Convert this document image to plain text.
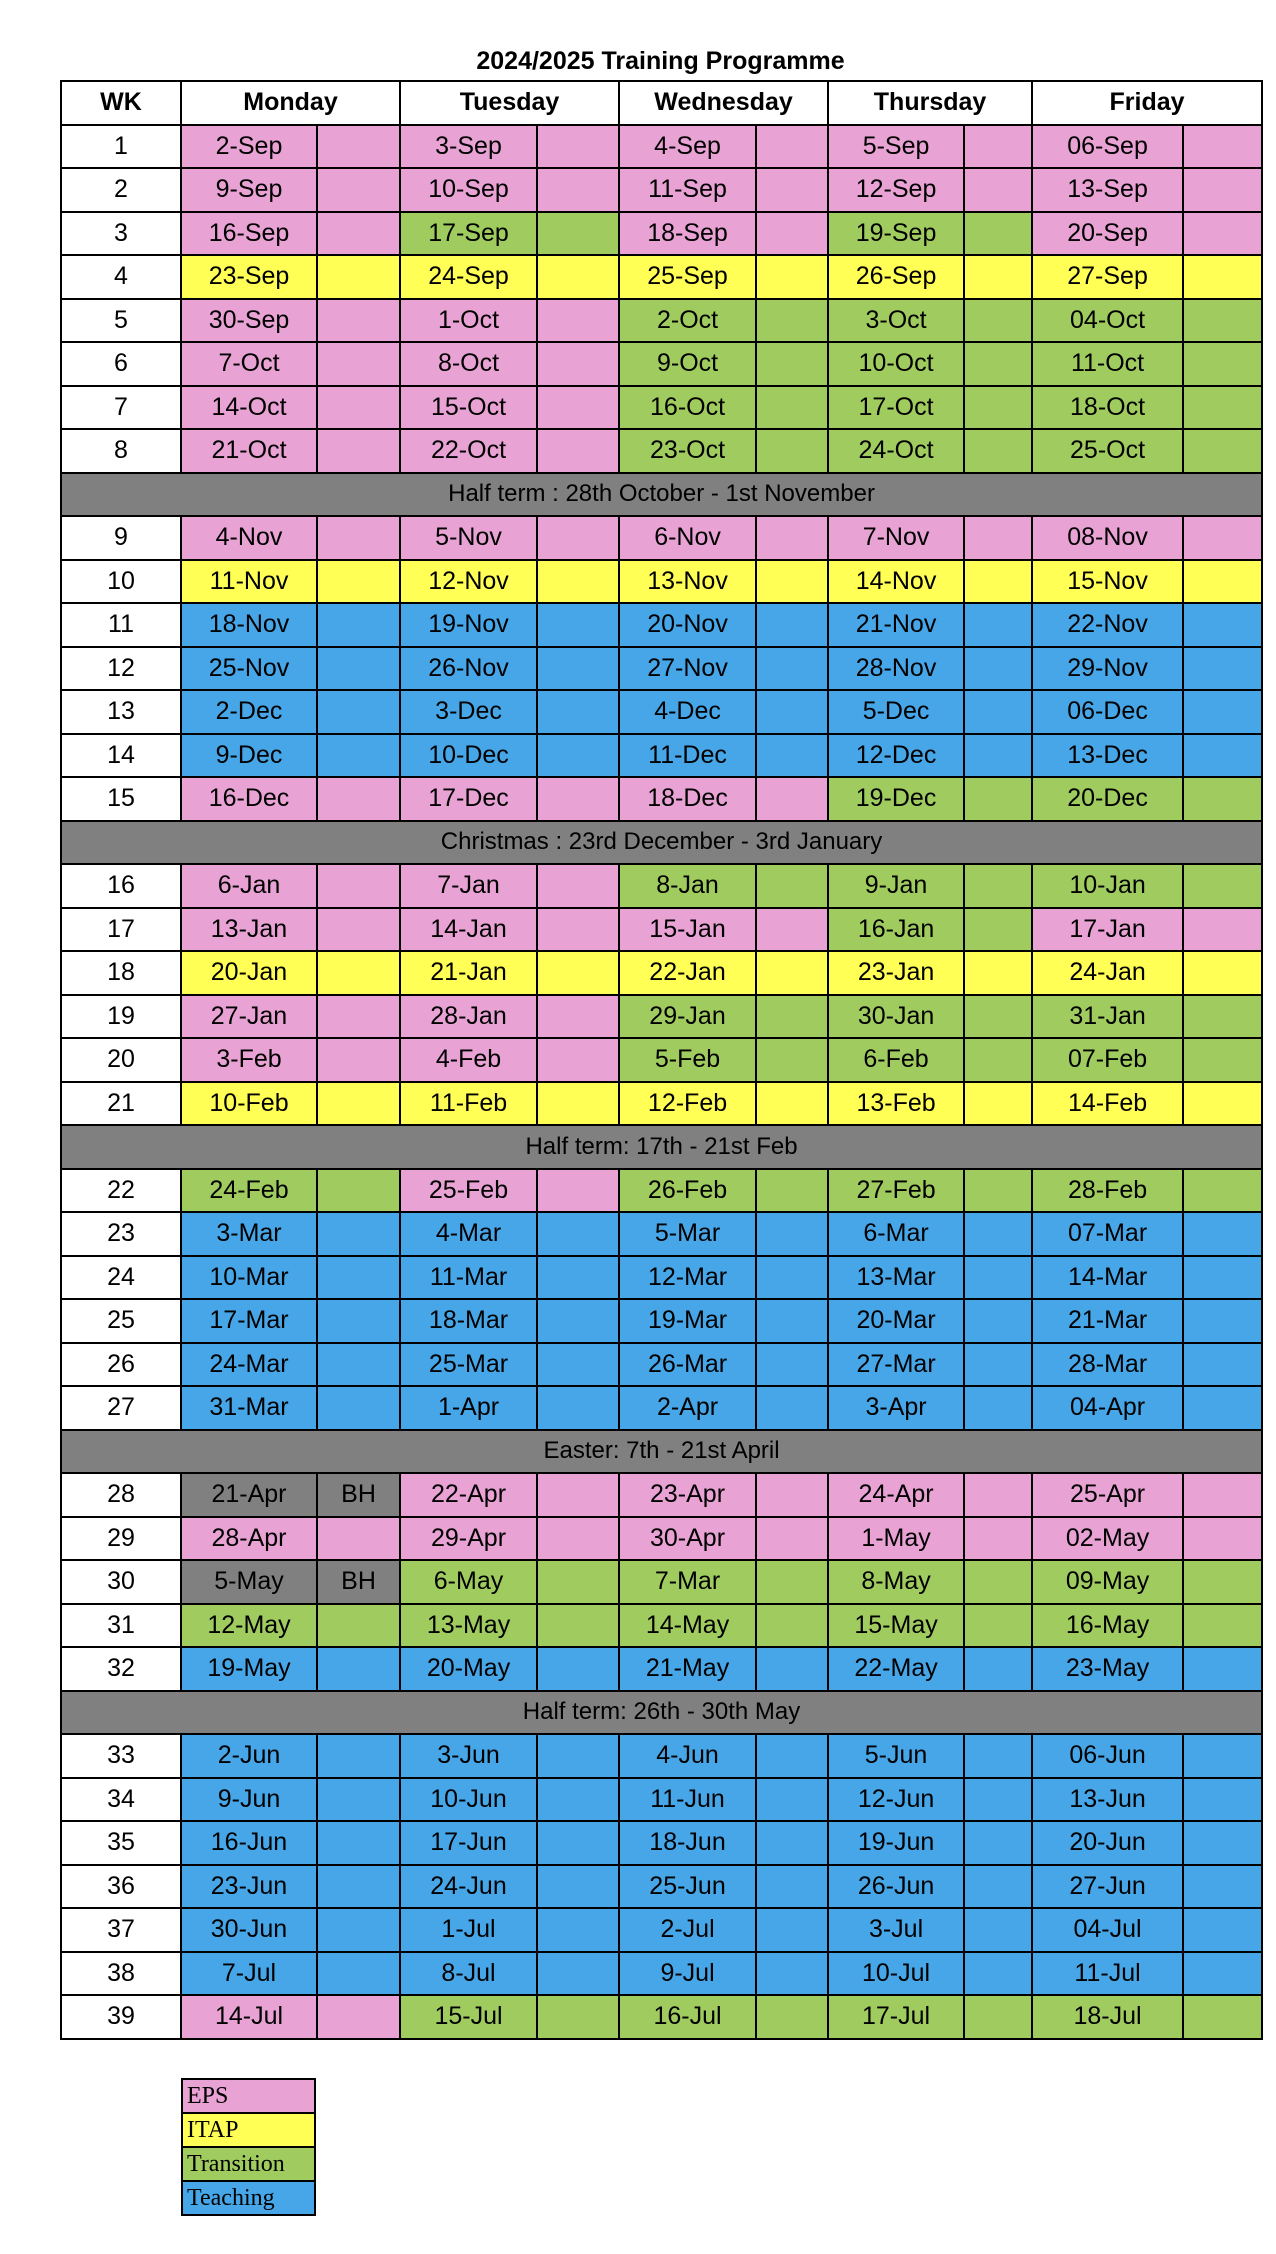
2024/2025 Training Programme
WK	Monday		Tuesday		Wednesday		Thursday		Friday	
1	2-Sep		3-Sep		4-Sep		5-Sep		06-Sep	
2	9-Sep		10-Sep		11-Sep		12-Sep		13-Sep	
3	16-Sep		17-Sep		18-Sep		19-Sep		20-Sep	
4	23-Sep		24-Sep		25-Sep		26-Sep		27-Sep	
5	30-Sep		1-Oct		2-Oct		3-Oct		04-Oct	
6	7-Oct		8-Oct		9-Oct		10-Oct		11-Oct	
7	14-Oct		15-Oct		16-Oct		17-Oct		18-Oct	
8	21-Oct		22-Oct		23-Oct		24-Oct		25-Oct	
Half term : 28th October - 1st November										
9	4-Nov		5-Nov		6-Nov		7-Nov		08-Nov	
10	11-Nov		12-Nov		13-Nov		14-Nov		15-Nov	
11	18-Nov		19-Nov		20-Nov		21-Nov		22-Nov	
12	25-Nov		26-Nov		27-Nov		28-Nov		29-Nov	
13	2-Dec		3-Dec		4-Dec		5-Dec		06-Dec	
14	9-Dec		10-Dec		11-Dec		12-Dec		13-Dec	
15	16-Dec		17-Dec		18-Dec		19-Dec		20-Dec	
Christmas : 23rd December - 3rd January										
16	6-Jan		7-Jan		8-Jan		9-Jan		10-Jan	
17	13-Jan		14-Jan		15-Jan		16-Jan		17-Jan	
18	20-Jan		21-Jan		22-Jan		23-Jan		24-Jan	
19	27-Jan		28-Jan		29-Jan		30-Jan		31-Jan	
20	3-Feb		4-Feb		5-Feb		6-Feb		07-Feb	
21	10-Feb		11-Feb		12-Feb		13-Feb		14-Feb	
Half term: 17th - 21st Feb										
22	24-Feb		25-Feb		26-Feb		27-Feb		28-Feb	
23	3-Mar		4-Mar		5-Mar		6-Mar		07-Mar	
24	10-Mar		11-Mar		12-Mar		13-Mar		14-Mar	
25	17-Mar		18-Mar		19-Mar		20-Mar		21-Mar	
26	24-Mar		25-Mar		26-Mar		27-Mar		28-Mar	
27	31-Mar		1-Apr		2-Apr		3-Apr		04-Apr	
Easter: 7th - 21st April										
28	21-Apr	BH	22-Apr		23-Apr		24-Apr		25-Apr	
29	28-Apr		29-Apr		30-Apr		1-May		02-May	
30	5-May	BH	6-May		7-Mar		8-May		09-May	
31	12-May		13-May		14-May		15-May		16-May	
32	19-May		20-May		21-May		22-May		23-May	
Half term: 26th - 30th May										
33	2-Jun		3-Jun		4-Jun		5-Jun		06-Jun	
34	9-Jun		10-Jun		11-Jun		12-Jun		13-Jun	
35	16-Jun		17-Jun		18-Jun		19-Jun		20-Jun	
36	23-Jun		24-Jun		25-Jun		26-Jun		27-Jun	
37	30-Jun		1-Jul		2-Jul		3-Jul		04-Jul	
38	7-Jul		8-Jul		9-Jul		10-Jul		11-Jul	
39	14-Jul		15-Jul		16-Jul		17-Jul		18-Jul	
EPS
ITAP
Transition
Teaching
